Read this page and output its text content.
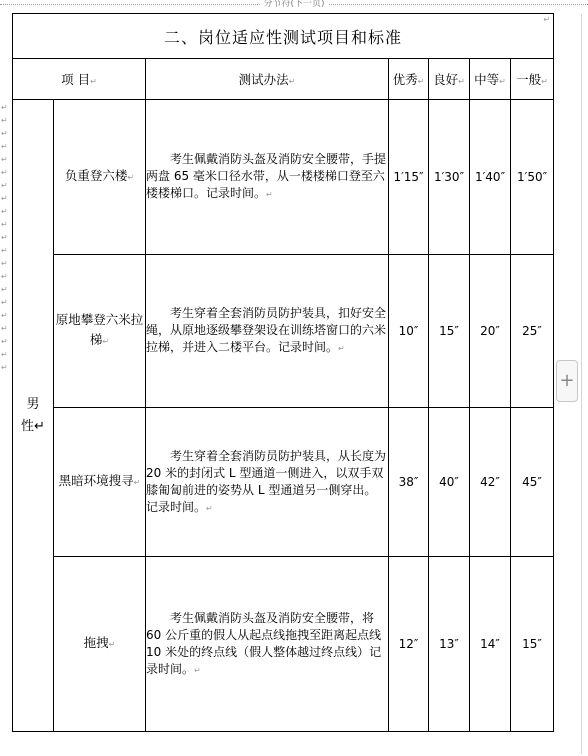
分节符(下一页)
↵
↵
↵
↵
↵
↵
↵
↵
↵
↵
↵
↵
↵
↵
↵
↵
↵
↵
↵
↵
↵
二、岗位适应性测试项目和标准
↵						

项 目↵		测试办法↵	优秀↵	良好↵	中等↵	一般↵
男
性↵	负重登六楼↵	考生佩戴消防头盔及消防安全腰带，手提两盘 65 毫米口径水带，从一楼楼梯口登至六楼楼梯口。记录时间。↵	1′15″	1′30″	1′40″	1′50″
	原地攀登六米拉梯↵	考生穿着全套消防员防护装具，扣好安全绳，从原地逐级攀登架设在训练塔窗口的六米拉梯，并进入二楼平台。记录时间。↵	10″	15″	20″	25″
	黑暗环境搜寻↵	考生穿着全套消防员防护装具，从长度为 20 米的封闭式 L 型通道一侧进入，以双手双膝匍匐前进的姿势从 L 型通道另一侧穿出。记录时间。↵	38″	40″	42″	45″
	拖拽↵	考生佩戴消防头盔及消防安全腰带，将60 公斤重的假人从起点线拖拽至距离起点线 10 米处的终点线（假人整体越过终点线）记录时间。↵	12″	13″	14″	15″
+
